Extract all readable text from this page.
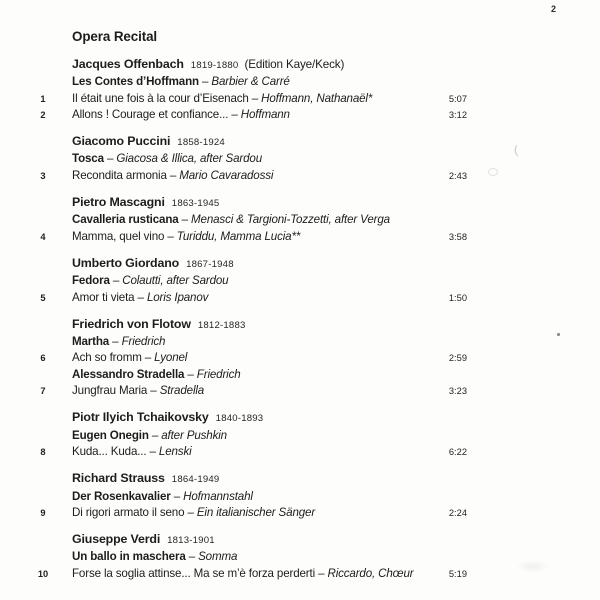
2
Opera Recital
Jacques Offenbach 1819-1880 (Edition Kaye/Keck)
Les Contes d’Hoffmann – Barbier & Carré
1	Il était une fois à la cour d’Eisenach – Hoffmann, Nathanaël*	5:07
2	Allons ! Courage et confiance... – Hoffmann	3:12
Giacomo Puccini 1858-1924
Tosca – Giacosa & Illica, after Sardou
3	Recondita armonia – Mario Cavaradossi	2:43
Pietro Mascagni 1863-1945
Cavalleria rusticana – Menasci & Targioni-Tozzetti, after Verga
4	Mamma, quel vino – Turiddu, Mamma Lucia**	3:58
Umberto Giordano 1867-1948
Fedora – Colautti, after Sardou
5	Amor ti vieta – Loris Ipanov	1:50
Friedrich von Flotow 1812-1883
Martha – Friedrich
6	Ach so fromm – Lyonel	2:59
Alessandro Stradella – Friedrich
7	Jungfrau Maria – Stradella	3:23
Piotr Ilyich Tchaikovsky 1840-1893
Eugen Onegin – after Pushkin
8	Kuda... Kuda... – Lenski	6:22
Richard Strauss 1864-1949
Der Rosenkavalier – Hofmannstahl
9	Di rigori armato il seno – Ein italianischer Sänger	2:24
Giuseppe Verdi 1813-1901
Un ballo in maschera – Somma
10	Forse la soglia attinse... Ma se m’è forza perderti – Riccardo, Chœur	5:19
(
